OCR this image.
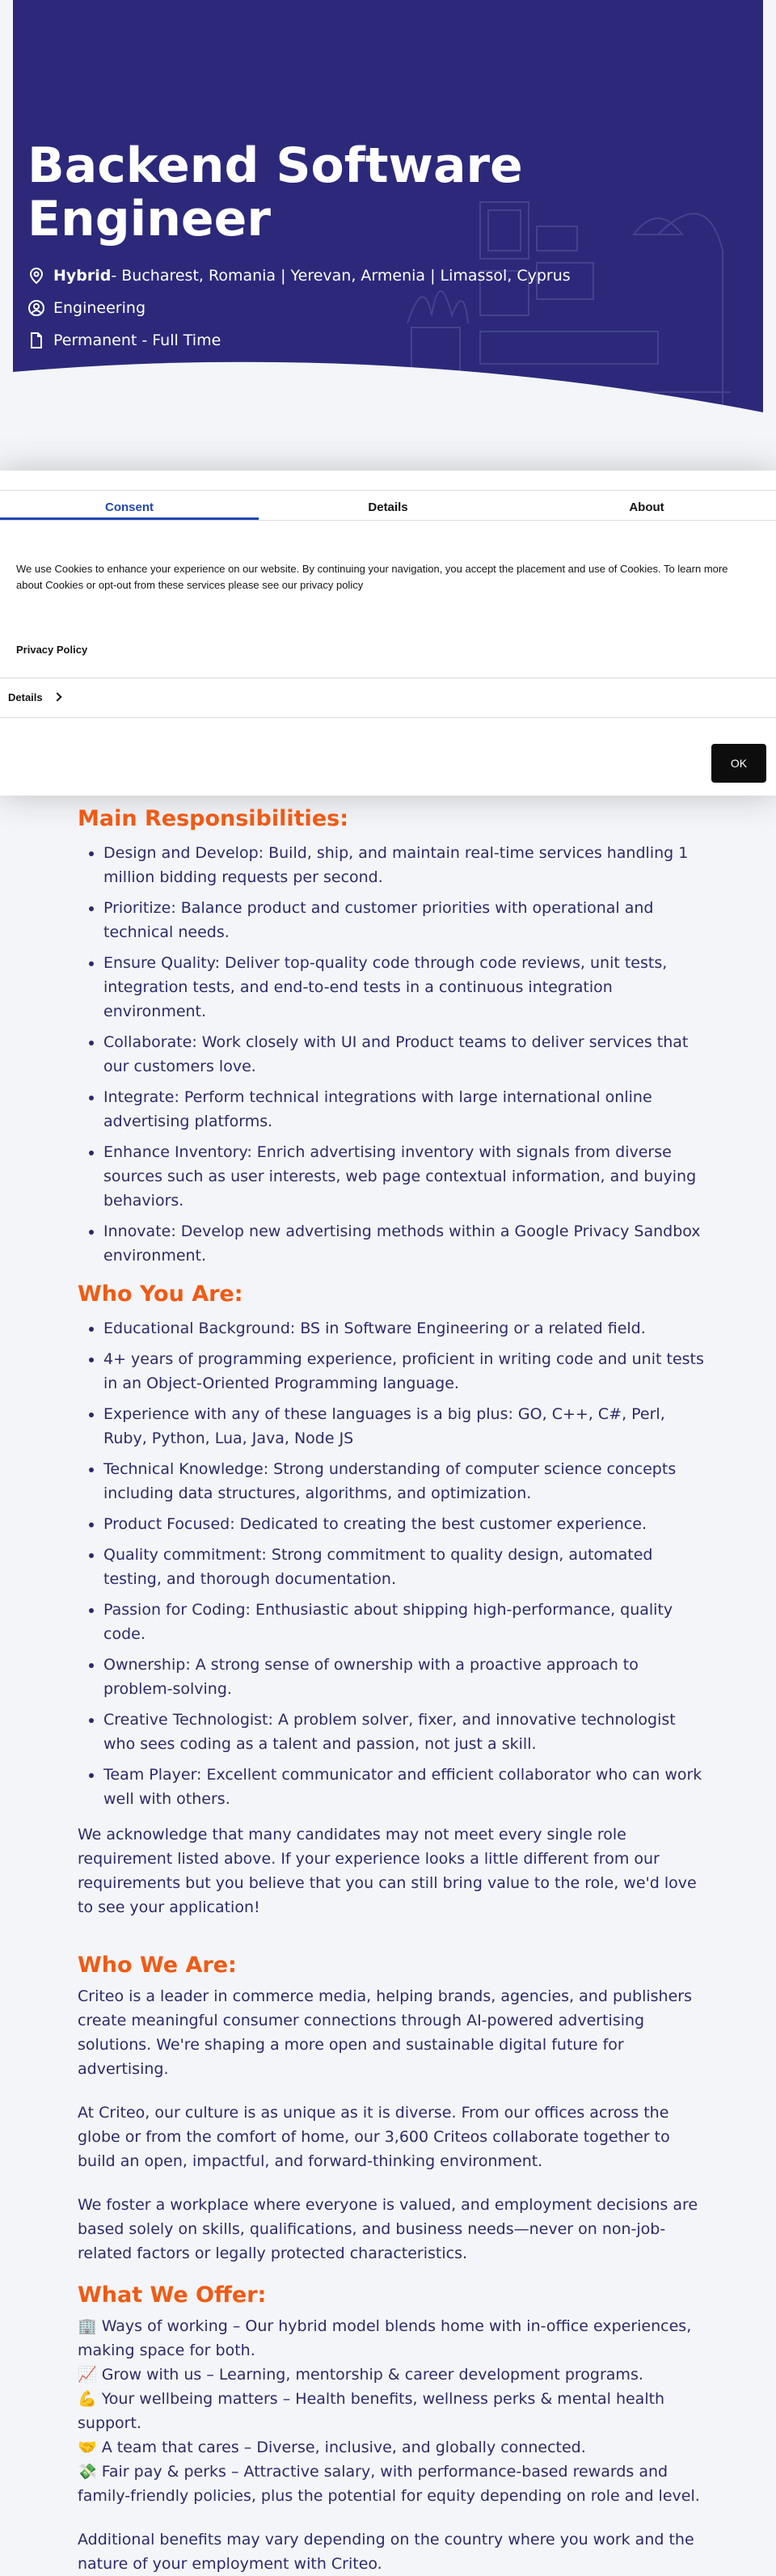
Backend Software Engineer
Hybrid - Bucharest, Romania | Yerevan, Armenia | Limassol, Cyprus
Engineering
Permanent - Full Time
Consent	Details	About

We use Cookies to enhance your experience on our website. By continuing your navigation, you accept the placement and use of Cookies. To learn more about Cookies or opt-out from these services please see our privacy policy

Privacy Policy
Details
OK
Main Responsibilities:
• Design and Develop: Build, ship, and maintain real-time services handling 1 million bidding requests per second.
• Prioritize: Balance product and customer priorities with operational and technical needs.
• Ensure Quality: Deliver top-quality code through code reviews, unit tests, integration tests, and end-to-end tests in a continuous integration environment.
• Collaborate: Work closely with UI and Product teams to deliver services that our customers love.
• Integrate: Perform technical integrations with large international online advertising platforms.
• Enhance Inventory: Enrich advertising inventory with signals from diverse sources such as user interests, web page contextual information, and buying behaviors.
• Innovate: Develop new advertising methods within a Google Privacy Sandbox environment.
Who You Are:
• Educational Background: BS in Software Engineering or a related field.
• 4+ years of programming experience, proficient in writing code and unit tests in an Object-Oriented Programming language.
• Experience with any of these languages is a big plus: GO, C++, C#, Perl, Ruby, Python, Lua, Java, Node JS
• Technical Knowledge: Strong understanding of computer science concepts including data structures, algorithms, and optimization.
• Product Focused: Dedicated to creating the best customer experience.
• Quality commitment: Strong commitment to quality design, automated testing, and thorough documentation.
• Passion for Coding: Enthusiastic about shipping high-performance, quality code.
• Ownership: A strong sense of ownership with a proactive approach to problem-solving.
• Creative Technologist: A problem solver, fixer, and innovative technologist who sees coding as a talent and passion, not just a skill.
• Team Player: Excellent communicator and efficient collaborator who can work well with others.

We acknowledge that many candidates may not meet every single role requirement listed above. If your experience looks a little different from our requirements but you believe that you can still bring value to the role, we'd love to see your application!

Who We Are:

Criteo is a leader in commerce media, helping brands, agencies, and publishers create meaningful consumer connections through AI-powered advertising solutions. We're shaping a more open and sustainable digital future for advertising.

At Criteo, our culture is as unique as it is diverse. From our offices across the globe or from the comfort of home, our 3,600 Criteos collaborate together to build an open, impactful, and forward-thinking environment.

We foster a workplace where everyone is valued, and employment decisions are based solely on skills, qualifications, and business needs—never on non-job-related factors or legally protected characteristics.

What We Offer:

🏢 Ways of working – Our hybrid model blends home with in-office experiences, making space for both.

📈 Grow with us – Learning, mentorship & career development programs.

💪 Your wellbeing matters – Health benefits, wellness perks & mental health support.

🤝 A team that cares – Diverse, inclusive, and globally connected.

💸 Fair pay & perks – Attractive salary, with performance-based rewards and family-friendly policies, plus the potential for equity depending on role and level.

Additional benefits may vary depending on the country where you work and the nature of your employment with Criteo.
